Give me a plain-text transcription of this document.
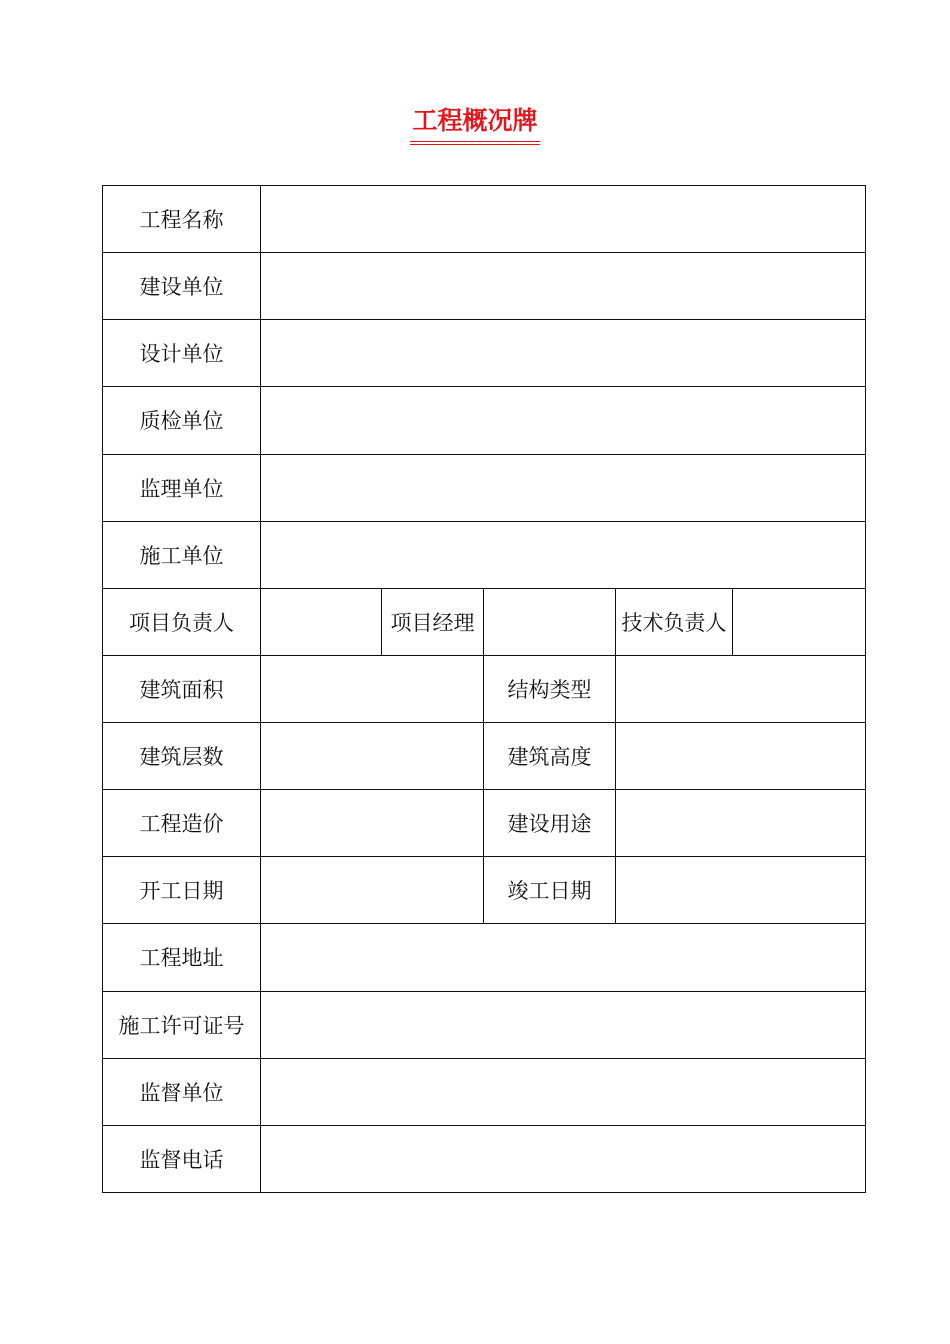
工程概况牌
工程名称					
建设单位					
设计单位					
质检单位					
监理单位					
施工单位					
项目负责人		项目经理		技术负责人	
建筑面积			结构类型		
建筑层数			建筑高度		
工程造价			建设用途		
开工日期			竣工日期		
工程地址					
施工许可证号					
监督单位					
监督电话					
